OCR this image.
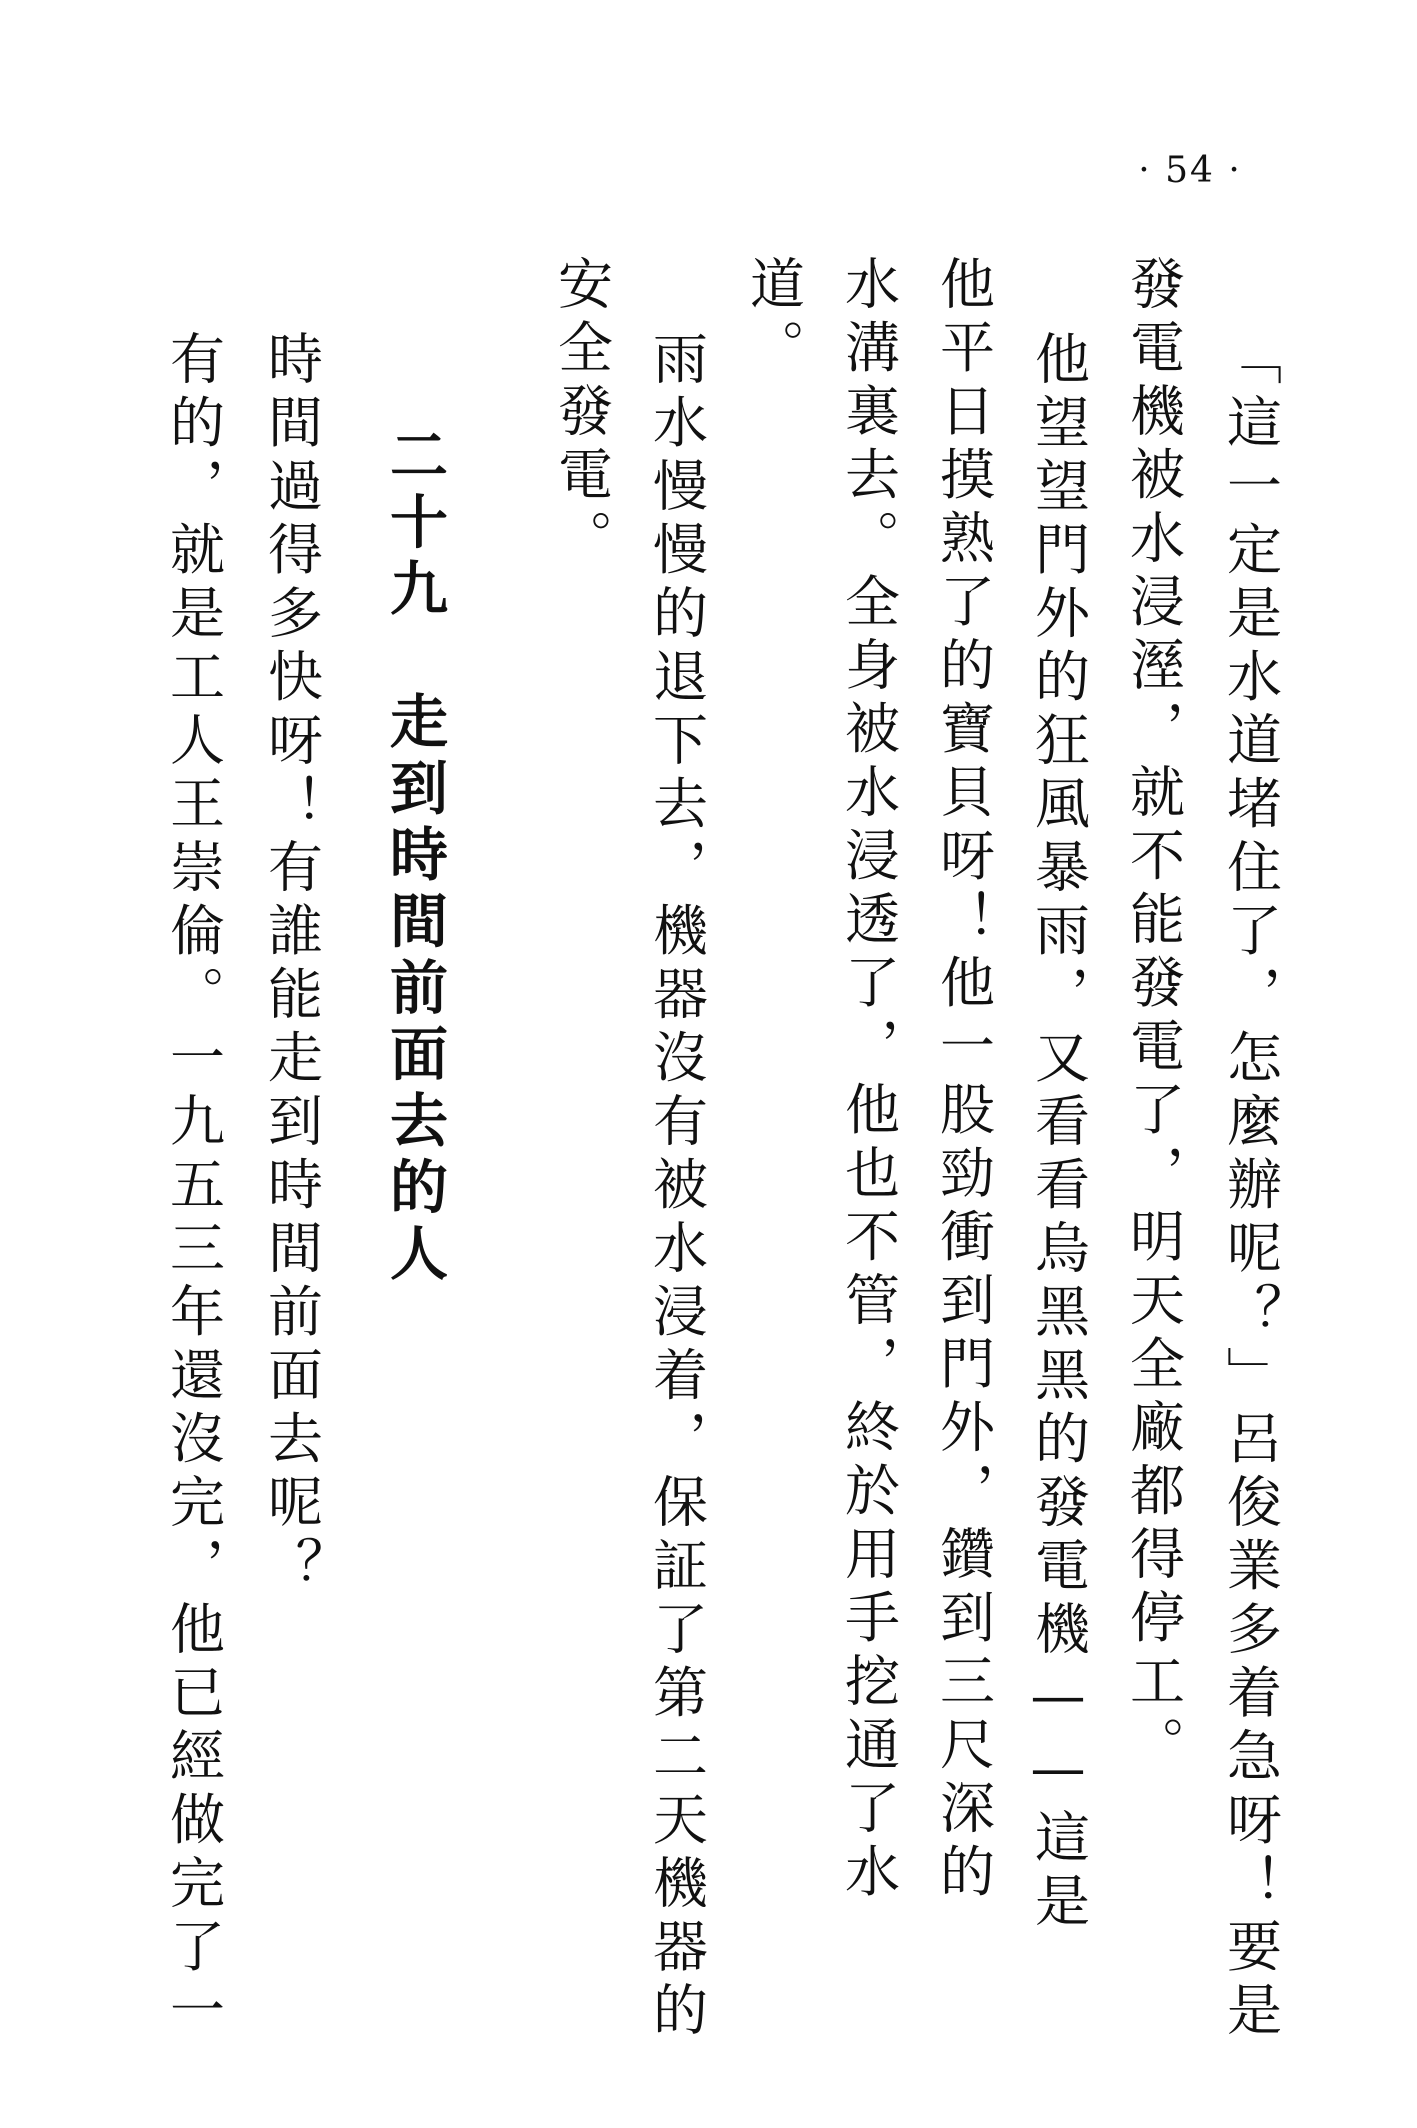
· 54 ·
「這一定是水道堵住了，怎麼辦呢？」呂俊業多着急呀！要是
發電機被水浸溼，就不能發電了，明天全廠都得停工。
他望望門外的狂風暴雨，又看看烏黑黑的發電機——這是
他平日摸熟了的寶貝呀！他一股勁衝到門外，鑽到三尺深的
水溝裏去。全身被水浸透了，他也不管，終於用手挖通了水
道。
雨水慢慢的退下去，機器沒有被水浸着，保証了第二天機器的
安全發電。
二十九　走到時間前面去的人
時間過得多快呀！有誰能走到時間前面去呢？
有的，就是工人王崇倫。一九五三年還沒完，他已經做完了一
